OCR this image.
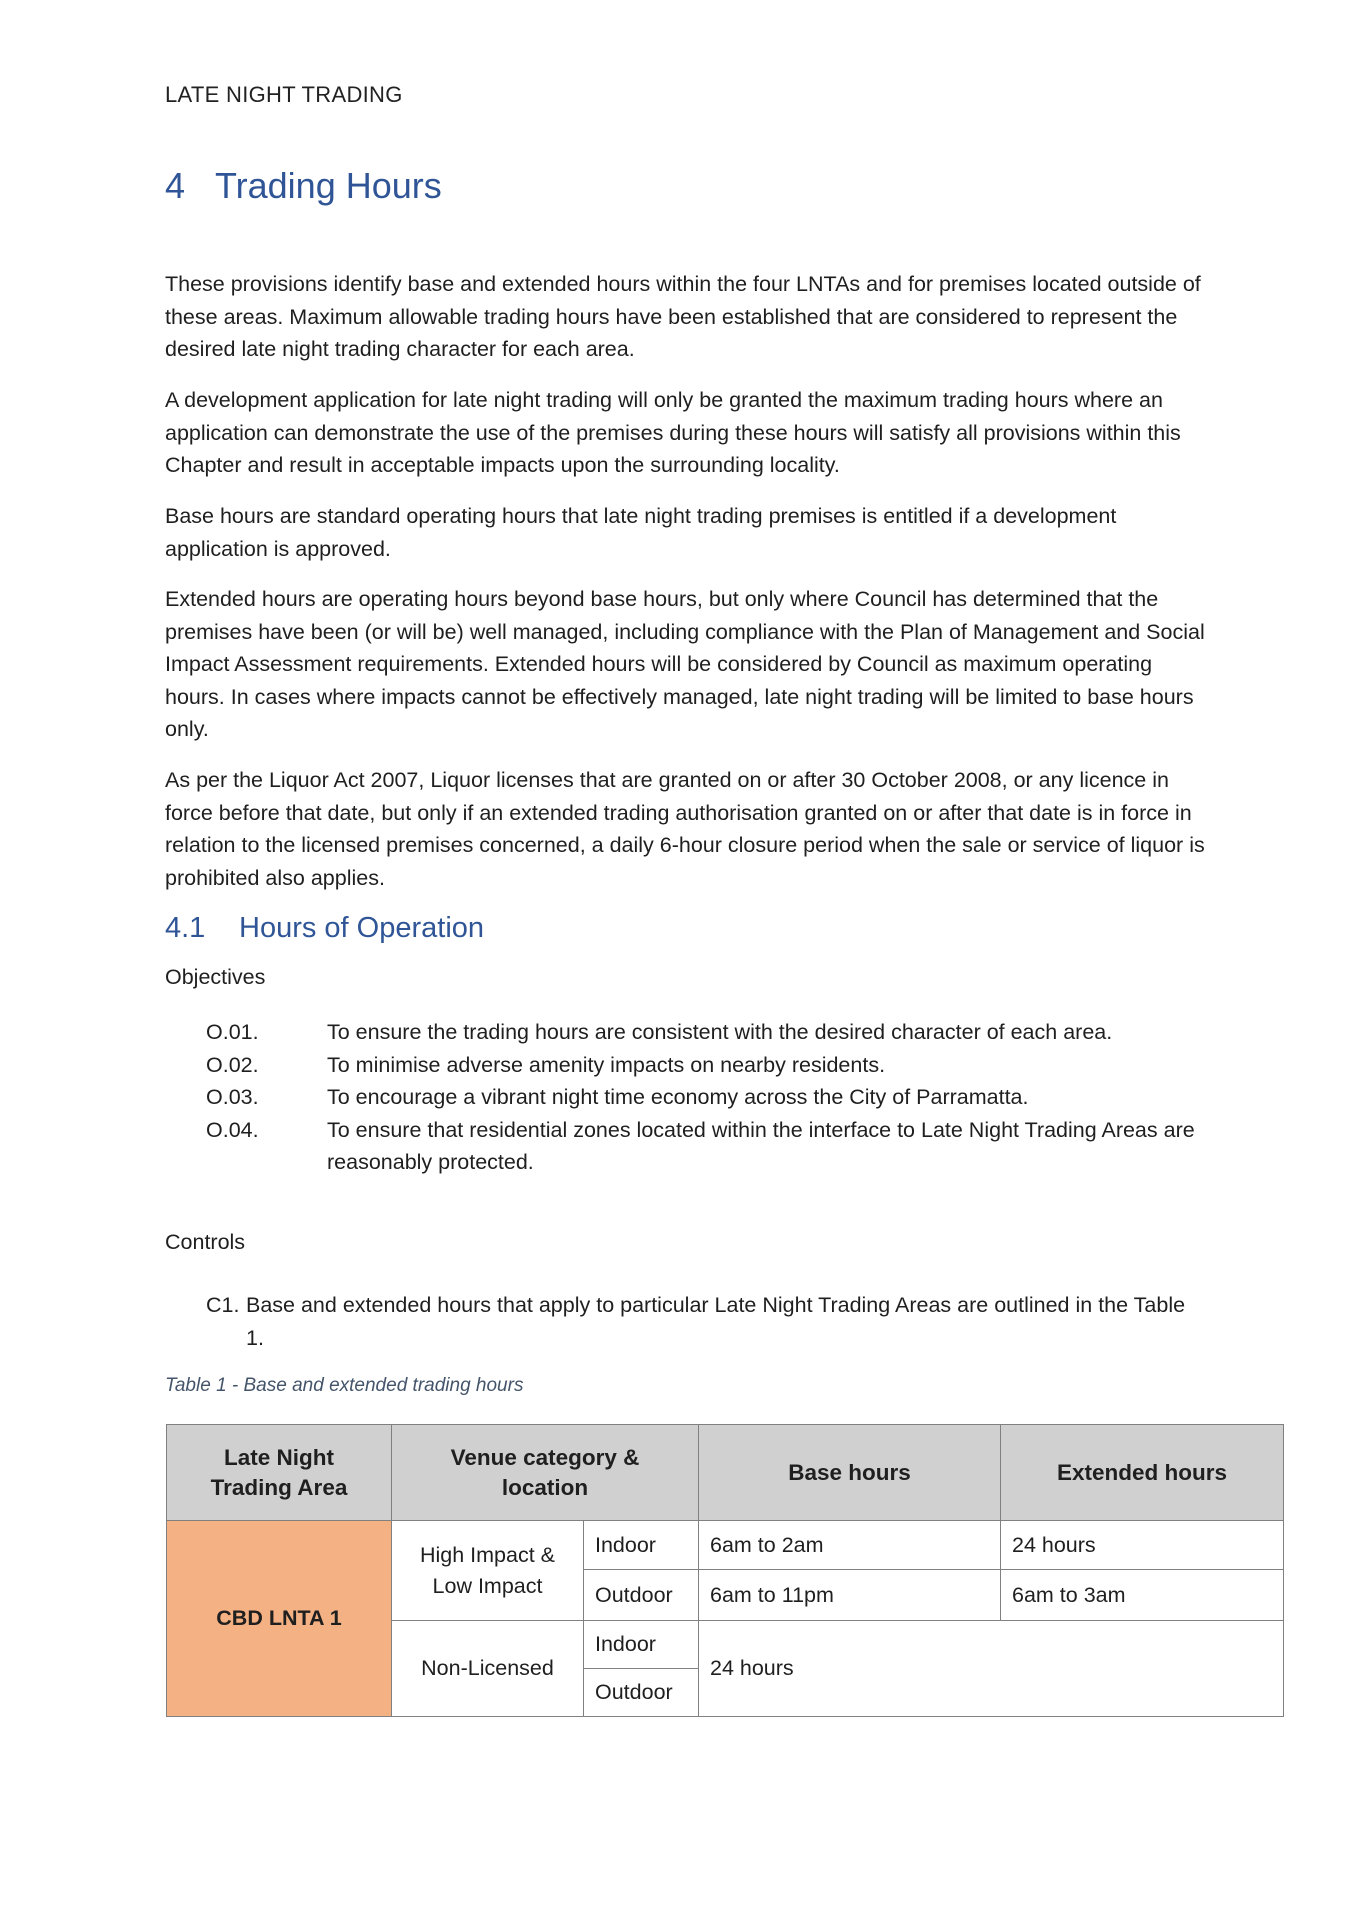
LATE NIGHT TRADING
4 Trading Hours
These provisions identify base and extended hours within the four LNTAs and for premises located outside of these areas. Maximum allowable trading hours have been established that are considered to represent the desired late night trading character for each area.
A development application for late night trading will only be granted the maximum trading hours where an application can demonstrate the use of the premises during these hours will satisfy all provisions within this Chapter and result in acceptable impacts upon the surrounding locality.
Base hours are standard operating hours that late night trading premises is entitled if a development application is approved.
Extended hours are operating hours beyond base hours, but only where Council has determined that the premises have been (or will be) well managed, including compliance with the Plan of Management and Social Impact Assessment requirements. Extended hours will be considered by Council as maximum operating hours. In cases where impacts cannot be effectively managed, late night trading will be limited to base hours only.
As per the Liquor Act 2007, Liquor licenses that are granted on or after 30 October 2008, or any licence in force before that date, but only if an extended trading authorisation granted on or after that date is in force in relation to the licensed premises concerned, a daily 6-hour closure period when the sale or service of liquor is prohibited also applies.
4.1 Hours of Operation
Objectives
O.01.	To ensure the trading hours are consistent with the desired character of each area.
O.02.	To minimise adverse amenity impacts on nearby residents.
O.03.	To encourage a vibrant night time economy across the City of Parramatta.
O.04.	To ensure that residential zones located within the interface to Late Night Trading Areas are reasonably protected.
Controls
C1. Base and extended hours that apply to particular Late Night Trading Areas are outlined in the Table 1.
Table 1 - Base and extended trading hours
Late Night Trading Area	Venue category & location		Base hours	Extended hours
CBD LNTA 1	High Impact & Low Impact	Indoor	6am to 2am	24 hours
		Outdoor	6am to 11pm	6am to 3am
	Non-Licensed	Indoor	24 hours	
		Outdoor		
